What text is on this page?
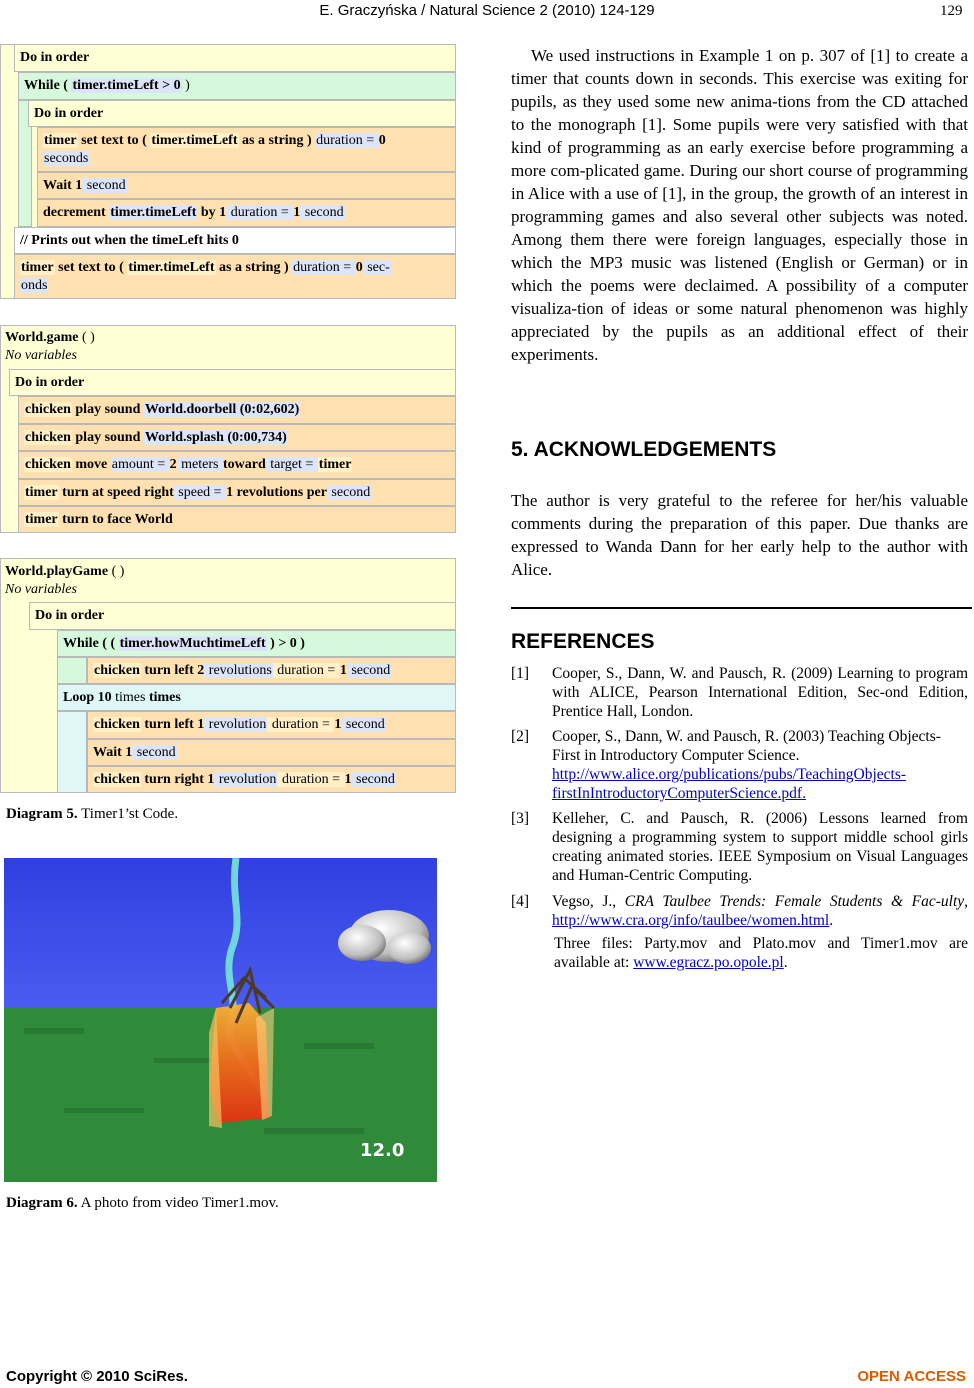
E. Graczyńska / Natural Science 2 (2010) 124-129	129
Do in order
While ( timer.timeLeft > 0 )
Do in order
timer set text to ( timer.timeLeft as a string ) duration = 0
seconds
Wait 1 second
decrement timer.timeLeft by 1 duration = 1 second
// Prints out when the timeLeft hits 0
timer set text to ( timer.timeLeft as a string ) duration = 0 sec-
onds
World.game ( )
No variables
Do in order
chicken play sound World.doorbell (0:02,602)
chicken play sound World.splash (0:00,734)
chicken move amount = 2 meters toward target = timer
timer turn at speed right speed = 1 revolutions per second
timer turn to face World
World.playGame ( )
No variables
Do in order
While ( ( timer.howMuchtimeLeft ) > 0 )
chicken turn left 2 revolutions duration = 1 second
Loop 10 times times
chicken turn left 1 revolution duration = 1 second
Wait 1 second
chicken turn right 1 revolution duration = 1 second
Diagram 5. Timer1’st Code.
12.0
Diagram 6. A photo from video Timer1.mov.
We used instructions in Example 1 on p. 307 of [1] to create a timer that counts down in seconds. This exercise was exiting for pupils, as they used some new anima-tions from the CD attached to the monograph [1]. Some pupils were very satisfied with that kind of programming as an early exercise before programming a more com-plicated game. During our short course of programming in Alice with a use of [1], in the group, the growth of an interest in programming games and also several other subjects was noted. Among them there were foreign languages, especially those in which the MP3 music was listened (English or German) or in which the poems were declaimed. A possibility of a computer visualiza-tion of ideas or some natural phenomenon was highly appreciated by the pupils as an additional effect of their experiments.
5. ACKNOWLEDGEMENTS
The author is very grateful to the referee for her/his valuable comments during the preparation of this paper. Due thanks are expressed to Wanda Dann for her early help to the author with Alice.
REFERENCES
[1] Cooper, S., Dann, W. and Pausch, R. (2009) Learning to program with ALICE, Pearson International Edition, Sec-ond Edition, Prentice Hall, London.
[2] Cooper, S., Dann, W. and Pausch, R. (2003) Teaching Objects-First in Introductory Computer Science.
http://www.alice.org/publications/pubs/TeachingObjects-
firstInIntroductoryComputerScience.pdf.
[3] Kelleher, C. and Pausch, R. (2006) Lessons learned from designing a programming system to support middle school girls creating animated stories. IEEE Symposium on Visual Languages and Human-Centric Computing.
[4] Vegso, J., CRA Taulbee Trends: Female Students & Fac-ulty, http://www.cra.org/info/taulbee/women.html.
Three files: Party.mov and Plato.mov and Timer1.mov are available at: www.egracz.po.opole.pl.
Copyright © 2010 SciRes.	OPEN ACCESS
